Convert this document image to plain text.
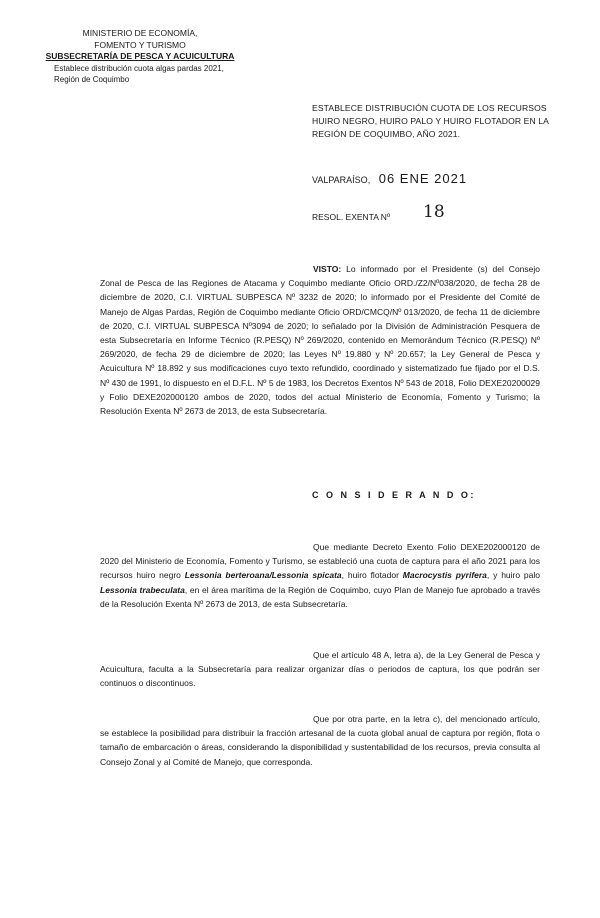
MINISTERIO DE ECONOMÍA,
FOMENTO Y TURISMO
SUBSECRETARÍA DE PESCA Y ACUICULTURA
Establece distribución cuota algas pardas 2021,
Región de Coquimbo
ESTABLECE DISTRIBUCIÓN CUOTA DE LOS RECURSOS HUIRO NEGRO, HUIRO PALO Y HUIRO FLOTADOR EN LA REGIÓN DE COQUIMBO, AÑO 2021.
VALPARAÍSO, 06 ENE 2021
RESOL. EXENTA Nº 18
VISTO: Lo informado por el Presidente (s) del Consejo Zonal de Pesca de las Regiones de Atacama y Coquimbo mediante Oficio ORD./Z2/Nº038/2020, de fecha 28 de diciembre de 2020, C.I. VIRTUAL SUBPESCA Nº 3232 de 2020; lo informado por el Presidente del Comité de Manejo de Algas Pardas, Región de Coquimbo mediante Oficio ORD/CMCQ/Nº 013/2020, de fecha 11 de diciembre de 2020, C.I. VIRTUAL SUBPESCA Nº3094 de 2020; lo señalado por la División de Administración Pesquera de esta Subsecretaría en Informe Técnico (R.PESQ) Nº 269/2020, contenido en Memorándum Técnico (R.PESQ) Nº 269/2020, de fecha 29 de diciembre de 2020; las Leyes Nº 19.880 y Nº 20.657; la Ley General de Pesca y Acuicultura Nº 18.892 y sus modificaciones cuyo texto refundido, coordinado y sistematizado fue fijado por el D.S. Nº 430 de 1991, lo dispuesto en el D.F.L. Nº 5 de 1983, los Decretos Exentos Nº 543 de 2018, Folio DEXE20200029 y Folio DEXE202000120 ambos de 2020, todos del actual Ministerio de Economía, Fomento y Turismo; la Resolución Exenta Nº 2673 de 2013, de esta Subsecretaría.
C O N S I D E R A N D O:
Que mediante Decreto Exento Folio DEXE202000120 de 2020 del Ministerio de Economía, Fomento y Turismo, se estableció una cuota de captura para el año 2021 para los recursos huiro negro Lessonia berteroana/Lessonia spicata, huiro flotador Macrocystis pyrifera, y huiro palo Lessonia trabeculata, en el área marítima de la Región de Coquimbo, cuyo Plan de Manejo fue aprobado a través de la Resolución Exenta Nº 2673 de 2013, de esta Subsecretaría.
Que el artículo 48 A, letra a), de la Ley General de Pesca y Acuicultura, faculta a la Subsecretaría para realizar organizar días o periodos de captura, los que podrán ser continuos o discontinuos.
Que por otra parte, en la letra c), del mencionado artículo, se establece la posibilidad para distribuir la fracción artesanal de la cuota global anual de captura por región, flota o tamaño de embarcación o áreas, considerando la disponibilidad y sustentabilidad de los recursos, previa consulta al Consejo Zonal y al Comité de Manejo, que corresponda.
